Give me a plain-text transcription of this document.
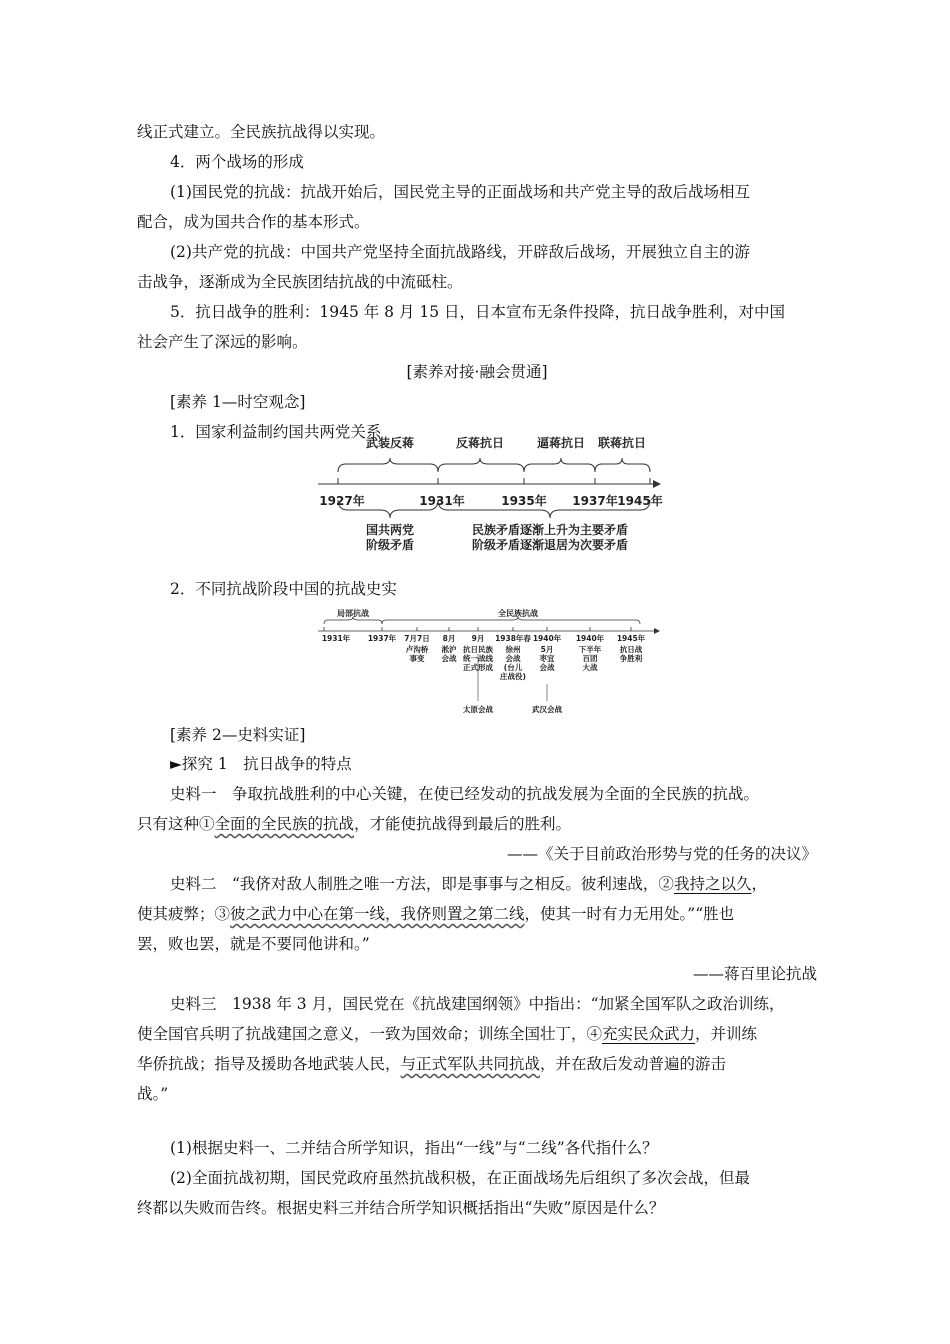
线正式建立。全民族抗战得以实现。
4．两个战场的形成
(1)国民党的抗战：抗战开始后，国民党主导的正面战场和共产党主导的敌后战场相互
配合，成为国共合作的基本形式。
(2)共产党的抗战：中国共产党坚持全面抗战路线，开辟敌后战场，开展独立自主的游
击战争，逐渐成为全民族团结抗战的中流砥柱。
5．抗日战争的胜利：1945 年 8 月 15 日，日本宣布无条件投降，抗日战争胜利，对中国
社会产生了深远的影响。
[素养对接·融会贯通]
[素养 1—时空观念]
1．国家利益制约国共两党关系
武装反蒋	反蒋抗日	逼蒋抗日 联蒋抗日
1927年	1931年	1935年 1937年 1945年
国共两党
阶级矛盾
民族矛盾逐渐上升为主要矛盾
阶级矛盾逐渐退居为次要矛盾
2．不同抗战阶段中国的抗战史实
局部抗战	全民族抗战
1931年 1937年 7月7日 8月 9月 1938年春 1940年 1940年 1945年
卢沟桥事变
淞沪会战
抗日民族统一战线正式形成
徐州会战(台儿庄战役)
5月枣宜会战
下半年百团大战
抗日战争胜利
太原会战	武汉会战
[素养 2—史料实证]
►探究 1　抗日战争的特点
史料一　争取抗战胜利的中心关键，在使已经发动的抗战发展为全面的全民族的抗战。
只有这种①全面的全民族的抗战，才能使抗战得到最后的胜利。
——《关于目前政治形势与党的任务的决议》
史料二　“我侪对敌人制胜之唯一方法，即是事事与之相反。彼利速战，②我持之以久，
使其疲弊；③彼之武力中心在第一线，我侪则置之第二线，使其一时有力无用处。”“胜也
罢，败也罢，就是不要同他讲和。”
——蒋百里论抗战
史料三　1938 年 3 月，国民党在《抗战建国纲领》中指出：“加紧全国军队之政治训练，
使全国官兵明了抗战建国之意义，一致为国效命；训练全国壮丁，④充实民众武力，并训练
华侨抗战；指导及援助各地武装人民，与正式军队共同抗战，并在敌后发动普遍的游击
战。”
(1)根据史料一、二并结合所学知识，指出“一线”与“二线”各代指什么？
(2)全面抗战初期，国民党政府虽然抗战积极，在正面战场先后组织了多次会战，但最
终都以失败而告终。根据史料三并结合所学知识概括指出“失败”原因是什么？
